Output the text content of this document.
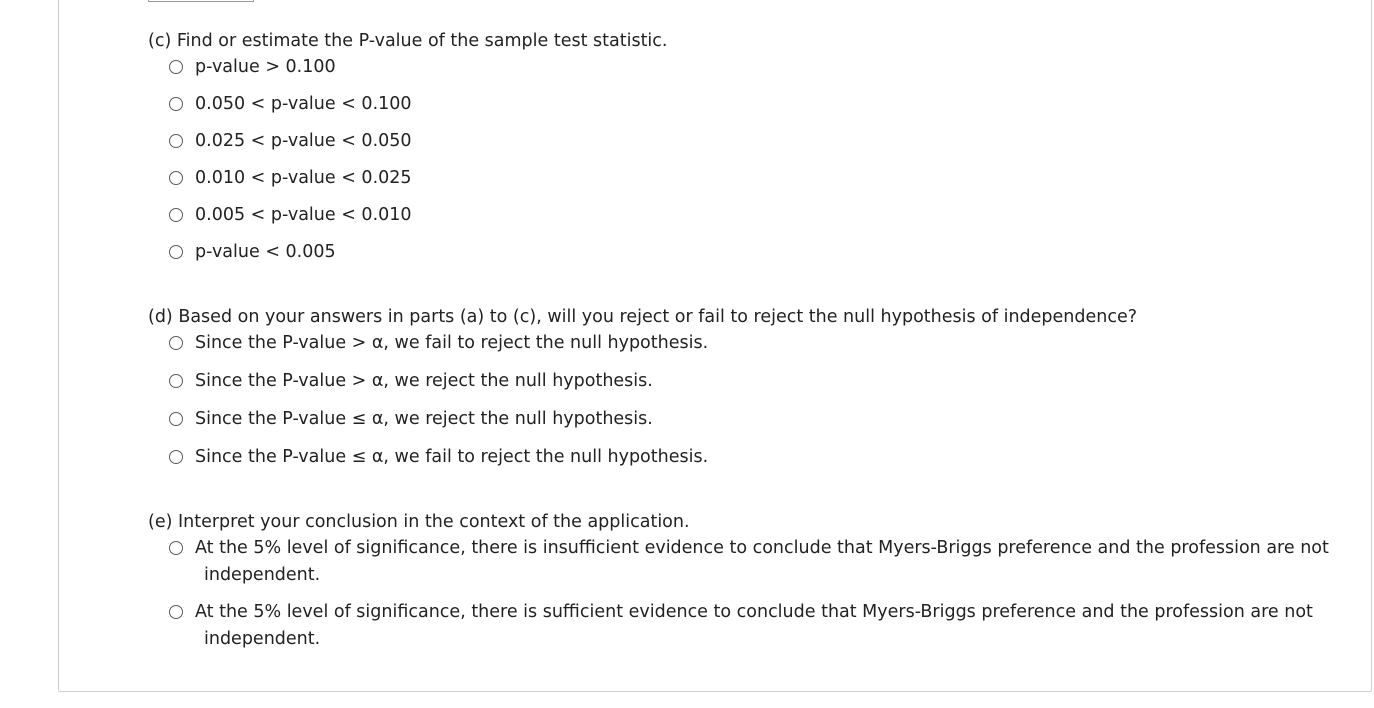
(c) Find or estimate the P-value of the sample test statistic.
p-value > 0.100
0.050 < p-value < 0.100
0.025 < p-value < 0.050
0.010 < p-value < 0.025
0.005 < p-value < 0.010
p-value < 0.005
(d) Based on your answers in parts (a) to (c), will you reject or fail to reject the null hypothesis of independence?
Since the P-value > α, we fail to reject the null hypothesis.
Since the P-value > α, we reject the null hypothesis.
Since the P-value ≤ α, we reject the null hypothesis.
Since the P-value ≤ α, we fail to reject the null hypothesis.
(e) Interpret your conclusion in the context of the application.
At the 5% level of significance, there is insufficient evidence to conclude that Myers-Briggs preference and the profession are not
independent.
At the 5% level of significance, there is sufficient evidence to conclude that Myers-Briggs preference and the profession are not
independent.
